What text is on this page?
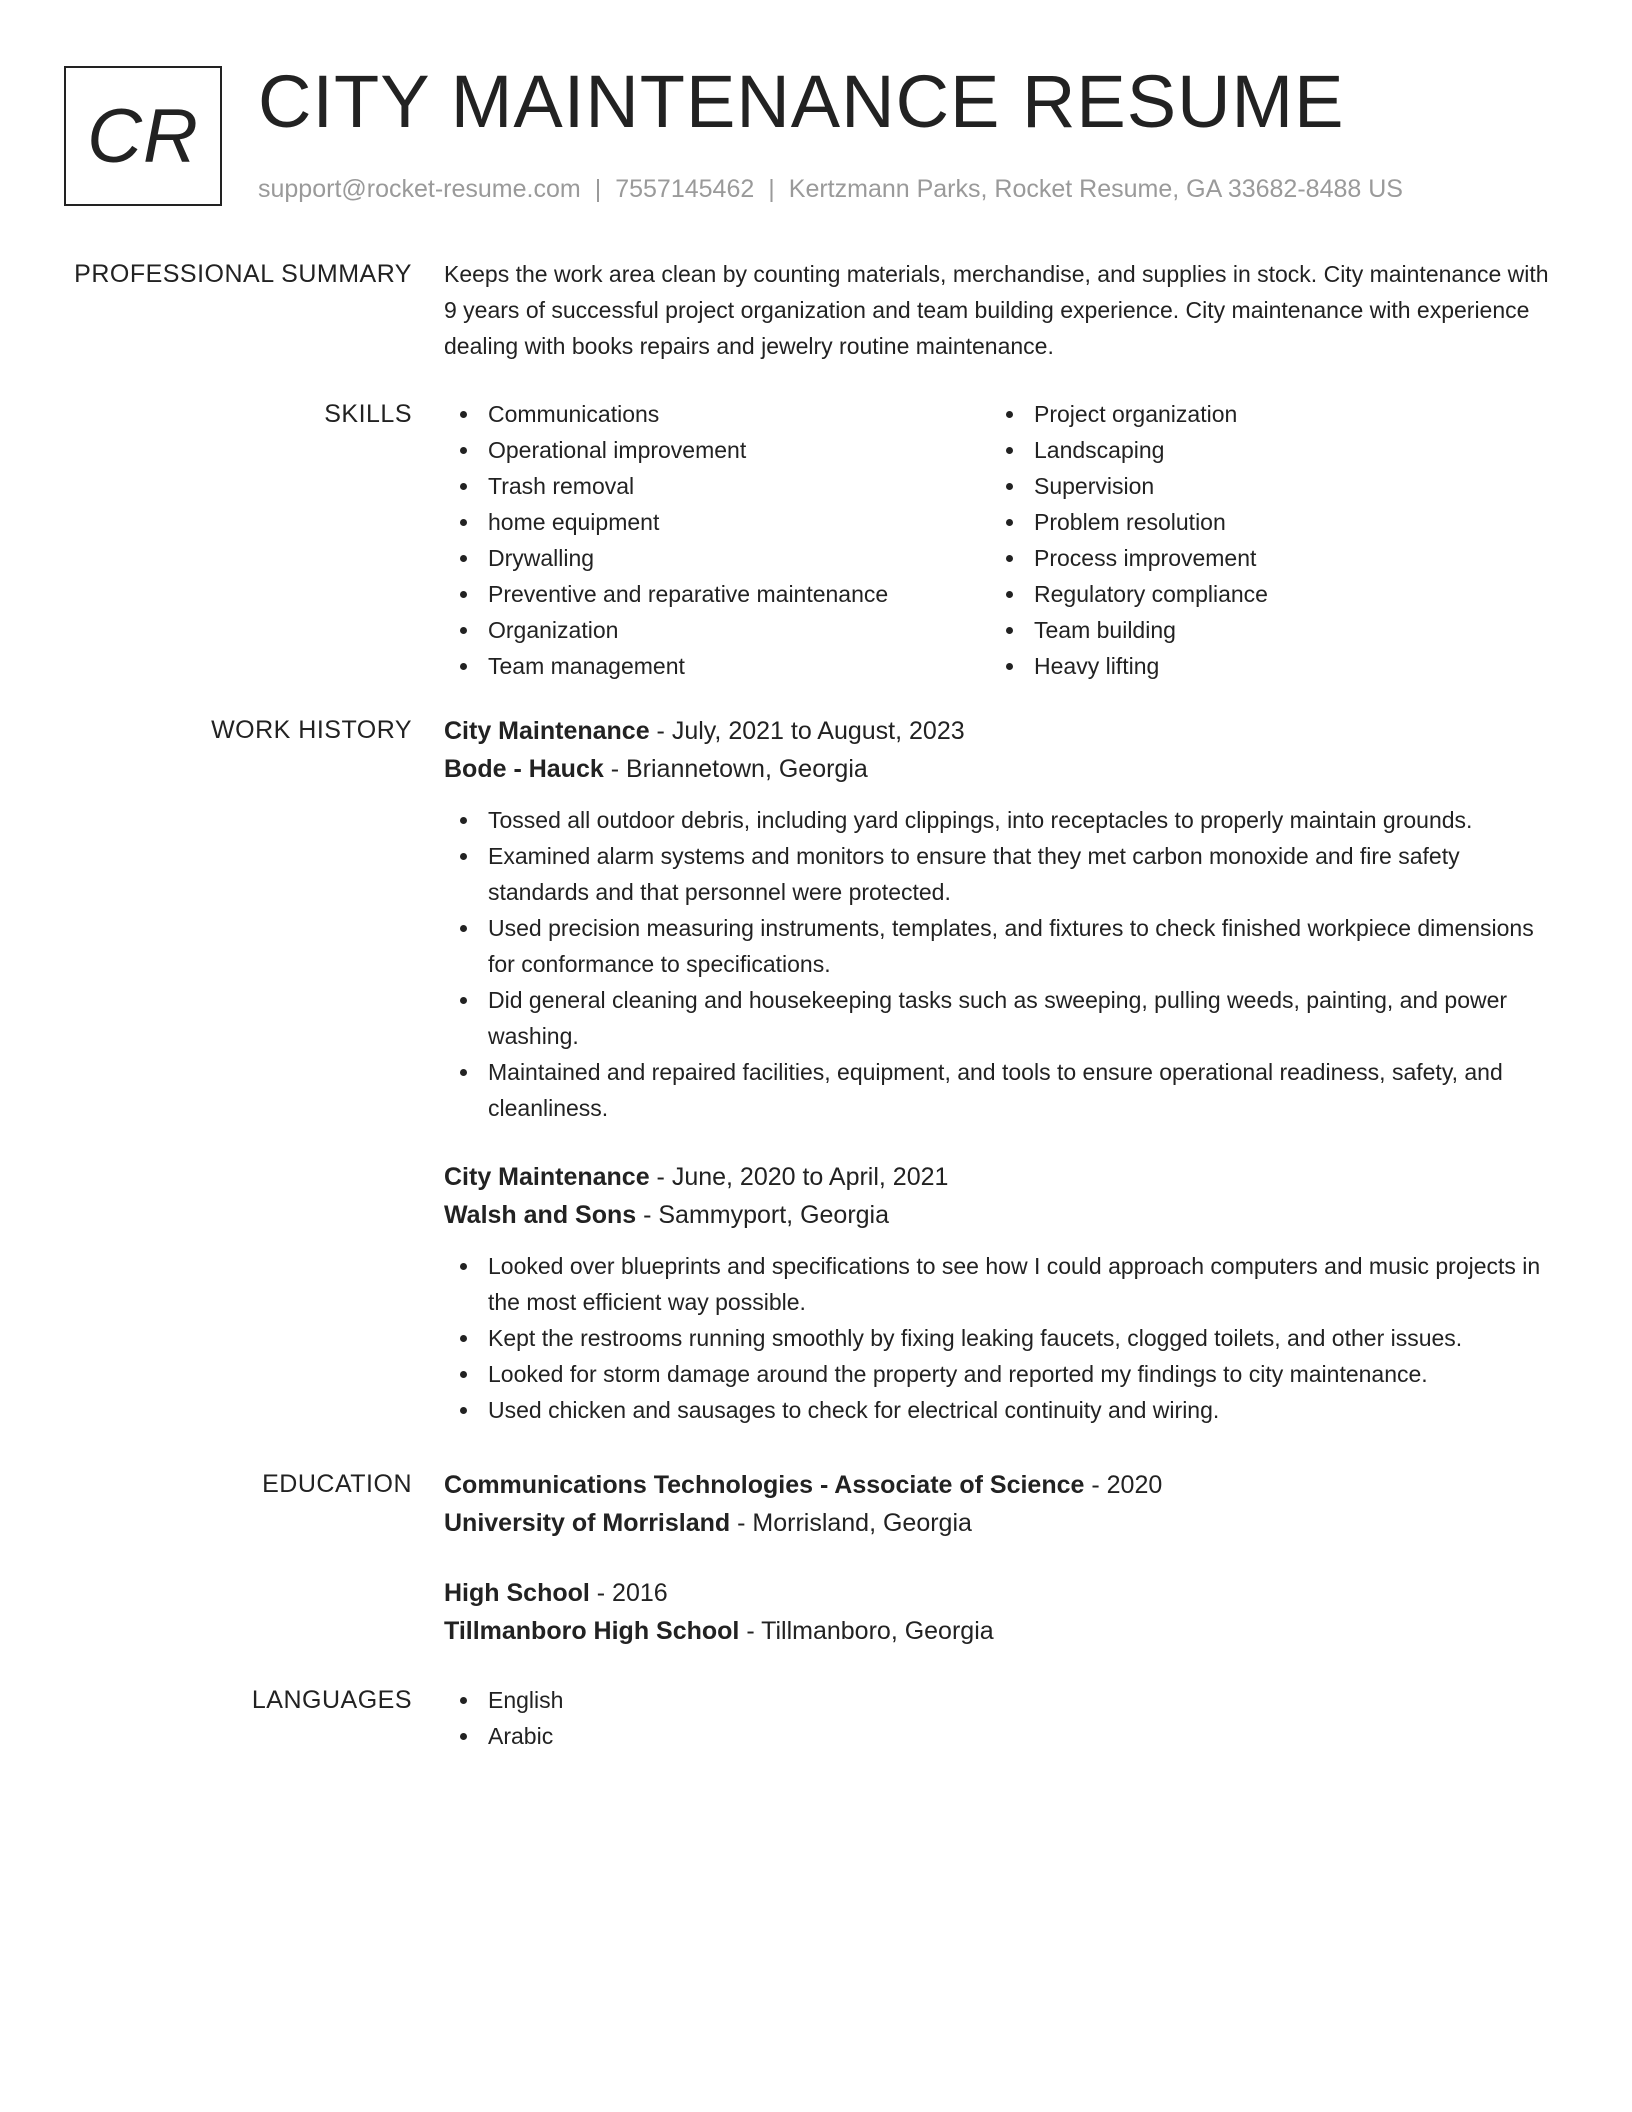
CR CITY MAINTENANCE RESUME
support@rocket-resume.com | 7557145462 | Kertzmann Parks, Rocket Resume, GA 33682-8488 US
PROFESSIONAL SUMMARY Keeps the work area clean by counting materials, merchandise, and supplies in stock. City maintenance with 9 years of successful project organization and team building experience. City maintenance with experience dealing with books repairs and jewelry routine maintenance.

SKILLS	Communications
Operational improvement
Trash removal
home equipment
Drywalling
Preventive and reparative maintenance
Organization
Team management
Project organization
Landscaping
Supervision
Problem resolution
Process improvement
Regulatory compliance
Team building
Heavy lifting
WORK HISTORY City Maintenance - July, 2021 to August, 2023
Bode - Hauck - Briannetown, Georgia
Tossed all outdoor debris, including yard clippings, into receptacles to properly maintain grounds.
Examined alarm systems and monitors to ensure that they met carbon monoxide and fire safety standards and that personnel were protected.
Used precision measuring instruments, templates, and fixtures to check finished workpiece dimensions for conformance to specifications.
Did general cleaning and housekeeping tasks such as sweeping, pulling weeds, painting, and power washing.
Maintained and repaired facilities, equipment, and tools to ensure operational readiness, safety, and cleanliness.
City Maintenance - June, 2020 to April, 2021
Walsh and Sons - Sammyport, Georgia
Looked over blueprints and specifications to see how I could approach computers and music projects in the most efficient way possible.
Kept the restrooms running smoothly by fixing leaking faucets, clogged toilets, and other issues.
Looked for storm damage around the property and reported my findings to city maintenance.
Used chicken and sausages to check for electrical continuity and wiring.
EDUCATION Communications Technologies - Associate of Science - 2020
University of Morrisland - Morrisland, Georgia
High School - 2016
Tillmanboro High School - Tillmanboro, Georgia
LANGUAGES	English
Arabic
